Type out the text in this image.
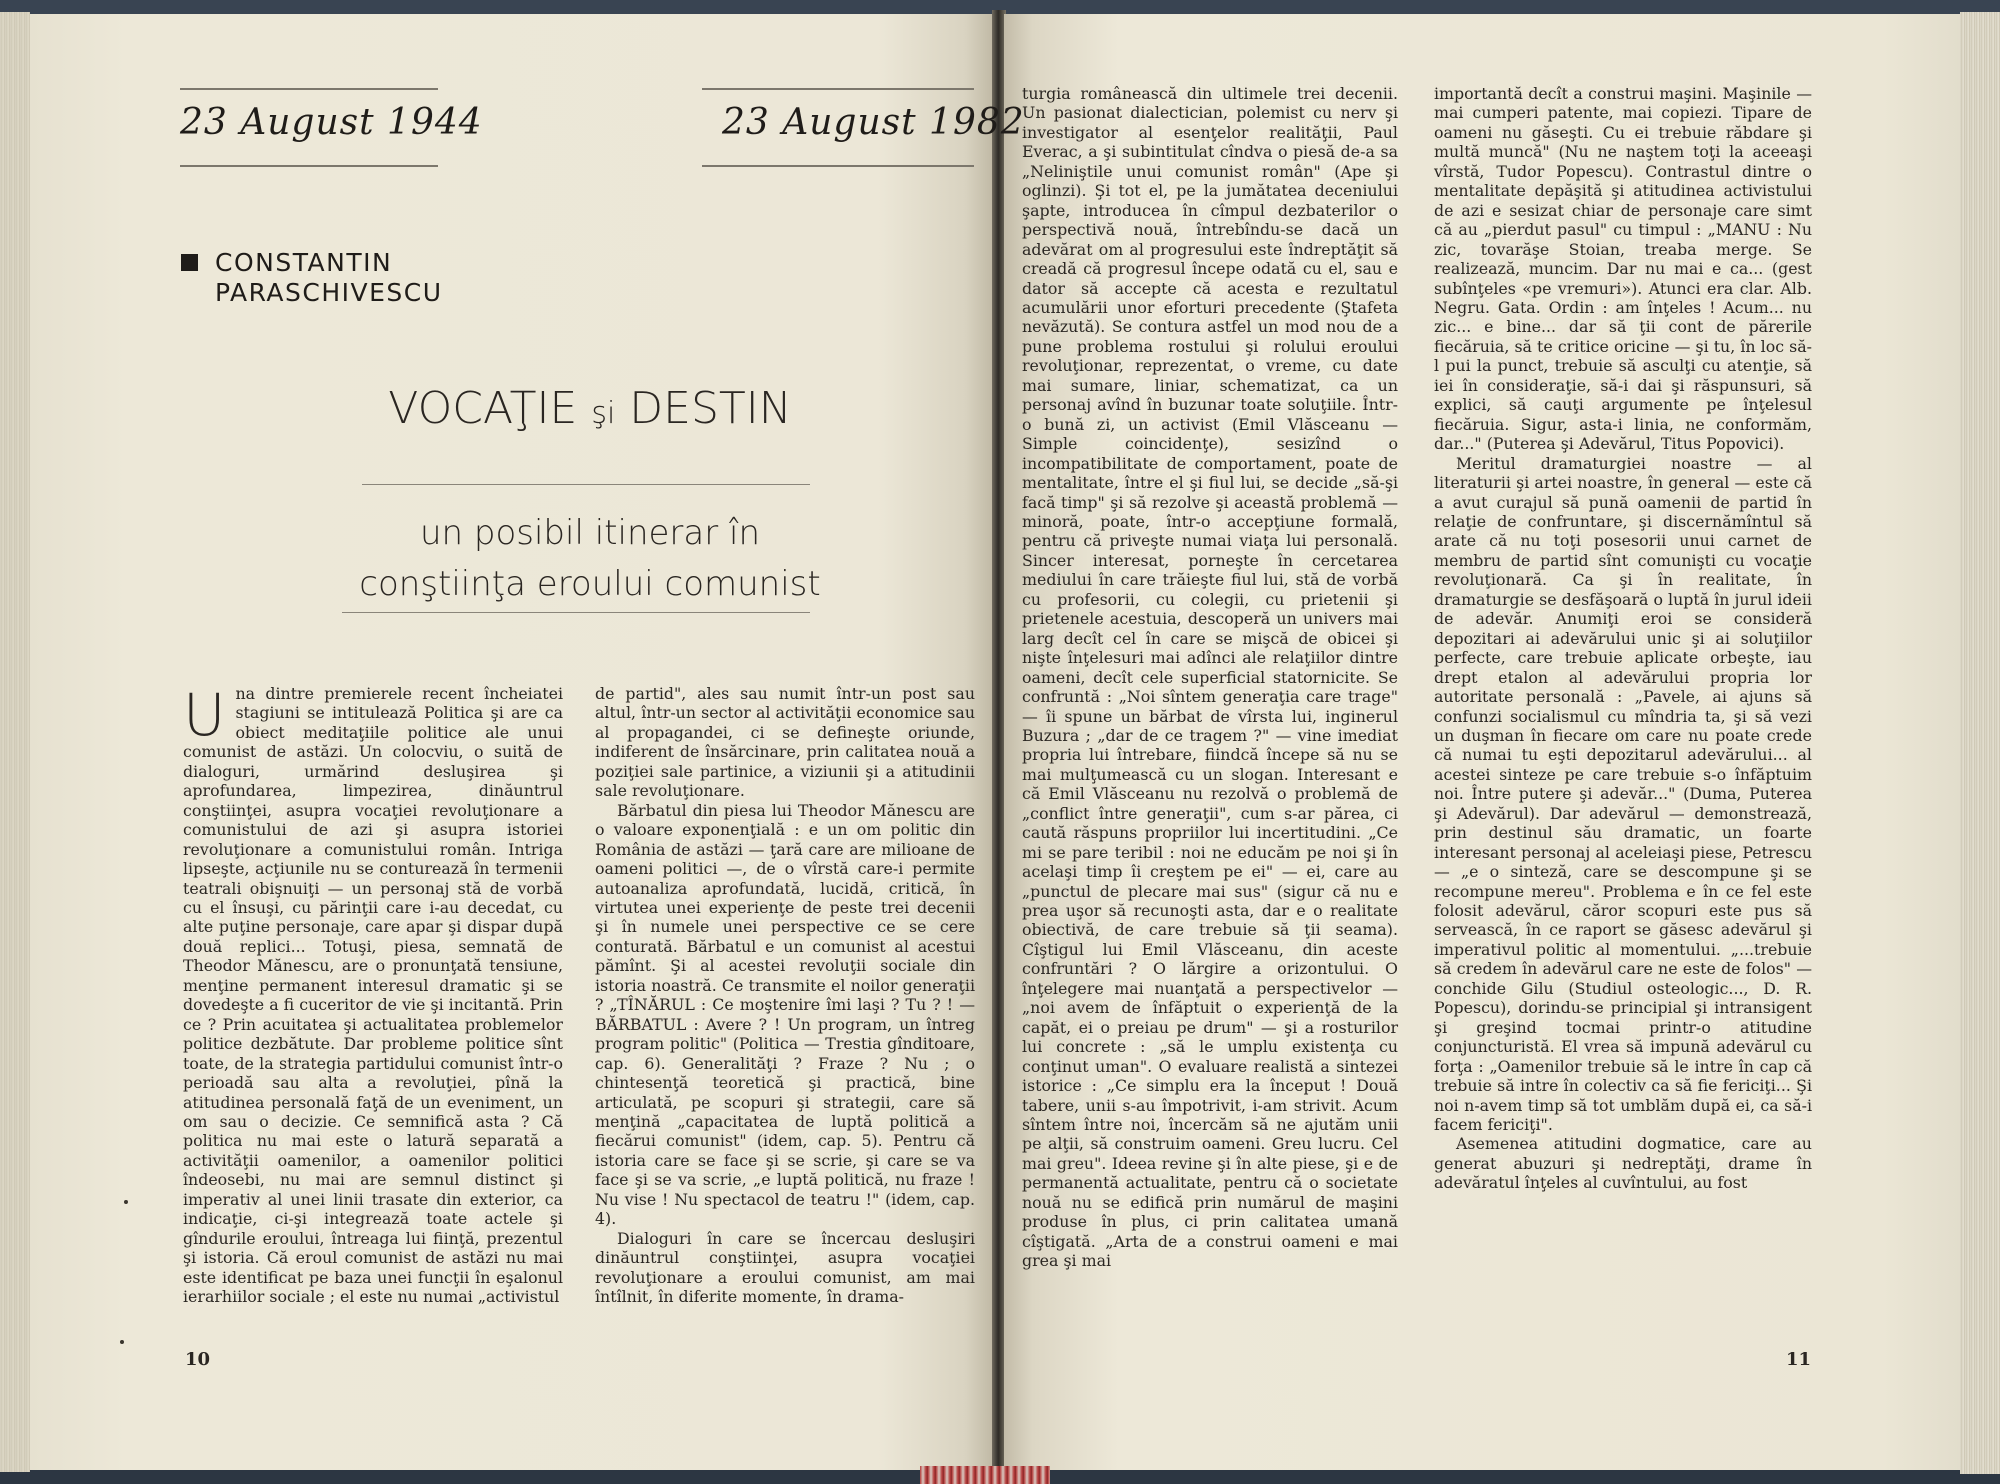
23 August 1944	23 August 1982
CONSTANTIN
PARASCHIVESCU
VOCAŢIE şi DESTIN
un posibil itinerar în
conştiinţa eroului comunist

Una dintre premierele recent încheiatei stagiuni se intitulează Politica şi are ca obiect meditaţiile politice ale unui comunist de astăzi. Un colocviu, o suită de dialoguri, urmărind desluşirea şi aprofundarea, limpezirea, dinăuntrul conştiinţei, asupra vocaţiei revoluţionare a comunistului de azi şi asupra istoriei revoluţionare a comunistului român. Intriga lipseşte, acţiunile nu se conturează în termenii teatrali obişnuiţi — un personaj stă de vorbă cu el însuşi, cu părinţii care i-au decedat, cu alte puţine personaje, care apar şi dispar după două replici... Totuşi, piesa, semnată de Theodor Mănescu, are o pronunţată tensiune, menţine permanent interesul dramatic şi se dovedeşte a fi cuceritor de vie şi incitantă. Prin ce ? Prin acuitatea şi actualitatea problemelor politice dezbătute. Dar probleme politice sînt toate, de la strategia partidului comunist într-o perioadă sau alta a revoluţiei, pînă la atitudinea personală faţă de un eveniment, un om sau o decizie. Ce semnifică asta ? Că politica nu mai este o latură separată a activităţii oamenilor, a oamenilor politici îndeosebi, nu mai are semnul distinct şi imperativ al unei linii trasate din exterior, ca indicaţie, ci-şi integrează toate actele şi gîndurile eroului, întreaga lui fiinţă, prezentul şi istoria. Că eroul comunist de astăzi nu mai este identificat pe baza unei funcţii în eşalonul ierarhiilor sociale ; el este nu numai „activistul

de partid", ales sau numit într-un post sau altul, într-un sector al activităţii economice sau al propagandei, ci se defineşte oriunde, indiferent de însărcinare, prin calitatea nouă a poziţiei sale partinice, a viziunii şi a atitudinii sale revoluţionare.

Bărbatul din piesa lui Theodor Mănescu are o valoare exponenţială : e un om politic din România de astăzi — ţară care are milioane de oameni politici —, de o vîrstă care-i permite autoanaliza aprofundată, lucidă, critică, în virtutea unei experienţe de peste trei decenii şi în numele unei perspective ce se cere conturată. Bărbatul e un comunist al acestui pămînt. Şi al acestei revoluţii sociale din istoria noastră. Ce transmite el noilor generaţii ? „TÎNĂRUL : Ce moştenire îmi laşi ? Tu ? ! — BĂRBATUL : Avere ? ! Un program, un întreg program politic" (Politica — Trestia gînditoare, cap. 6). Generalităţi ? Fraze ? Nu ; o chintesenţă teoretică şi practică, bine articulată, pe scopuri şi strategii, care să menţină „capacitatea de luptă politică a fiecărui comunist" (idem, cap. 5). Pentru că istoria care se face şi se scrie, şi care se va face şi se va scrie, „e luptă politică, nu fraze ! Nu vise ! Nu spectacol de teatru !" (idem, cap. 4).

Dialoguri în care se încercau desluşiri dinăuntrul conştiinţei, asupra vocaţiei revoluţionare a eroului comunist, am mai întîlnit, în diferite momente, în drama-

10

turgia românească din ultimele trei decenii. Un pasionat dialectician, polemist cu nerv şi investigator al esenţelor realităţii, Paul Everac, a şi subintitulat cîndva o piesă de-a sa „Neliniştile unui comunist român" (Ape şi oglinzi). Şi tot el, pe la jumătatea deceniului şapte, introducea în cîmpul dezbaterilor o perspectivă nouă, întrebîndu-se dacă un adevărat om al progresului este îndreptăţit să creadă că progresul începe odată cu el, sau e dator să accepte că acesta e rezultatul acumulării unor eforturi precedente (Ştafeta nevăzută). Se contura astfel un mod nou de a pune problema rostului şi rolului eroului revoluţionar, reprezentat, o vreme, cu date mai sumare, liniar, schematizat, ca un personaj avînd în buzunar toate soluţiile. Într-o bună zi, un activist (Emil Vlăsceanu — Simple coincidenţe), sesizînd o incompatibilitate de comportament, poate de mentalitate, între el şi fiul lui, se decide „să-şi facă timp" şi să rezolve şi această problemă — minoră, poate, într-o accepţiune formală, pentru că priveşte numai viaţa lui personală. Sincer interesat, porneşte în cercetarea mediului în care trăieşte fiul lui, stă de vorbă cu profesorii, cu colegii, cu prietenii şi prietenele acestuia, descoperă un univers mai larg decît cel în care se mişcă de obicei şi nişte înţelesuri mai adînci ale relaţiilor dintre oameni, decît cele superficial statornicite. Se confruntă : „Noi sîntem generaţia care trage" — îi spune un bărbat de vîrsta lui, inginerul Buzura ; „dar de ce tragem ?" — vine imediat propria lui întrebare, fiindcă începe să nu se mai mulţumească cu un slogan. Interesant e că Emil Vlăsceanu nu rezolvă o problemă de „conflict între generaţii", cum s-ar părea, ci caută răspuns propriilor lui incertitudini. „Ce mi se pare teribil : noi ne educăm pe noi şi în acelaşi timp îi creştem pe ei" — ei, care au „punctul de plecare mai sus" (sigur că nu e prea uşor să recunoşti asta, dar e o realitate obiectivă, de care trebuie să ţii seama). Cîştigul lui Emil Vlăsceanu, din aceste confruntări ? O lărgire a orizontului. O înţelegere mai nuanţată a perspectivelor — „noi avem de înfăptuit o experienţă de la capăt, ei o preiau pe drum" — şi a rosturilor lui concrete : „să le umplu existenţa cu conţinut uman". O evaluare realistă a sintezei istorice : „Ce simplu era la început ! Două tabere, unii s-au împotrivit, i-am strivit. Acum sîntem între noi, încercăm să ne ajutăm unii pe alţii, să construim oameni. Greu lucru. Cel mai greu". Ideea revine şi în alte piese, şi e de permanentă actualitate, pentru că o societate nouă nu se edifică prin numărul de maşini produse în plus, ci prin calitatea umană cîştigată. „Arta de a construi oameni e mai grea şi mai

importantă decît a construi maşini. Maşinile — mai cumperi patente, mai copiezi. Tipare de oameni nu găseşti. Cu ei trebuie răbdare şi multă muncă" (Nu ne naştem toţi la aceeaşi vîrstă, Tudor Popescu). Contrastul dintre o mentalitate depăşită şi atitudinea activistului de azi e sesizat chiar de personaje care simt că au „pierdut pasul" cu timpul : „MANU : Nu zic, tovarăşe Stoian, treaba merge. Se realizează, muncim. Dar nu mai e ca... (gest subînţeles «pe vremuri»). Atunci era clar. Alb. Negru. Gata. Ordin : am înţeles ! Acum... nu zic... e bine... dar să ţii cont de părerile fiecăruia, să te critice oricine — şi tu, în loc să-l pui la punct, trebuie să asculţi cu atenţie, să iei în consideraţie, să-i dai şi răspunsuri, să explici, să cauţi argumente pe înţelesul fiecăruia. Sigur, asta-i linia, ne conformăm, dar..." (Puterea şi Adevărul, Titus Popovici).

Meritul dramaturgiei noastre — al literaturii şi artei noastre, în general — este că a avut curajul să pună oamenii de partid în relaţie de confruntare, şi discernămîntul să arate că nu toţi posesorii unui carnet de membru de partid sînt comunişti cu vocaţie revoluţionară. Ca şi în realitate, în dramaturgie se desfăşoară o luptă în jurul ideii de adevăr. Anumiţi eroi se consideră depozitari ai adevărului unic şi ai soluţiilor perfecte, care trebuie aplicate orbeşte, iau drept etalon al adevărului propria lor autoritate personală : „Pavele, ai ajuns să confunzi socialismul cu mîndria ta, şi să vezi un duşman în fiecare om care nu poate crede că numai tu eşti depozitarul adevărului... al acestei sinteze pe care trebuie s-o înfăptuim noi. Între putere şi adevăr..." (Duma, Puterea şi Adevărul). Dar adevărul — demonstrează, prin destinul său dramatic, un foarte interesant personaj al aceleiaşi piese, Petrescu — „e o sinteză, care se descompune şi se recompune mereu". Problema e în ce fel este folosit adevărul, căror scopuri este pus să servească, în ce raport se găsesc adevărul şi imperativul politic al momentului. „...trebuie să credem în adevărul care ne este de folos" — conchide Gilu (Studiul osteologic..., D. R. Popescu), dorindu-se principial şi intransigent şi greşind tocmai printr-o atitudine conjuncturistă. El vrea să impună adevărul cu forţa : „Oamenilor trebuie să le intre în cap că trebuie să intre în colectiv ca să fie fericiţi... Şi noi n-avem timp să tot umblăm după ei, ca să-i facem fericiţi".

Asemenea atitudini dogmatice, care au generat abuzuri şi nedreptăţi, drame în adevăratul înţeles al cuvîntului, au fost

11
